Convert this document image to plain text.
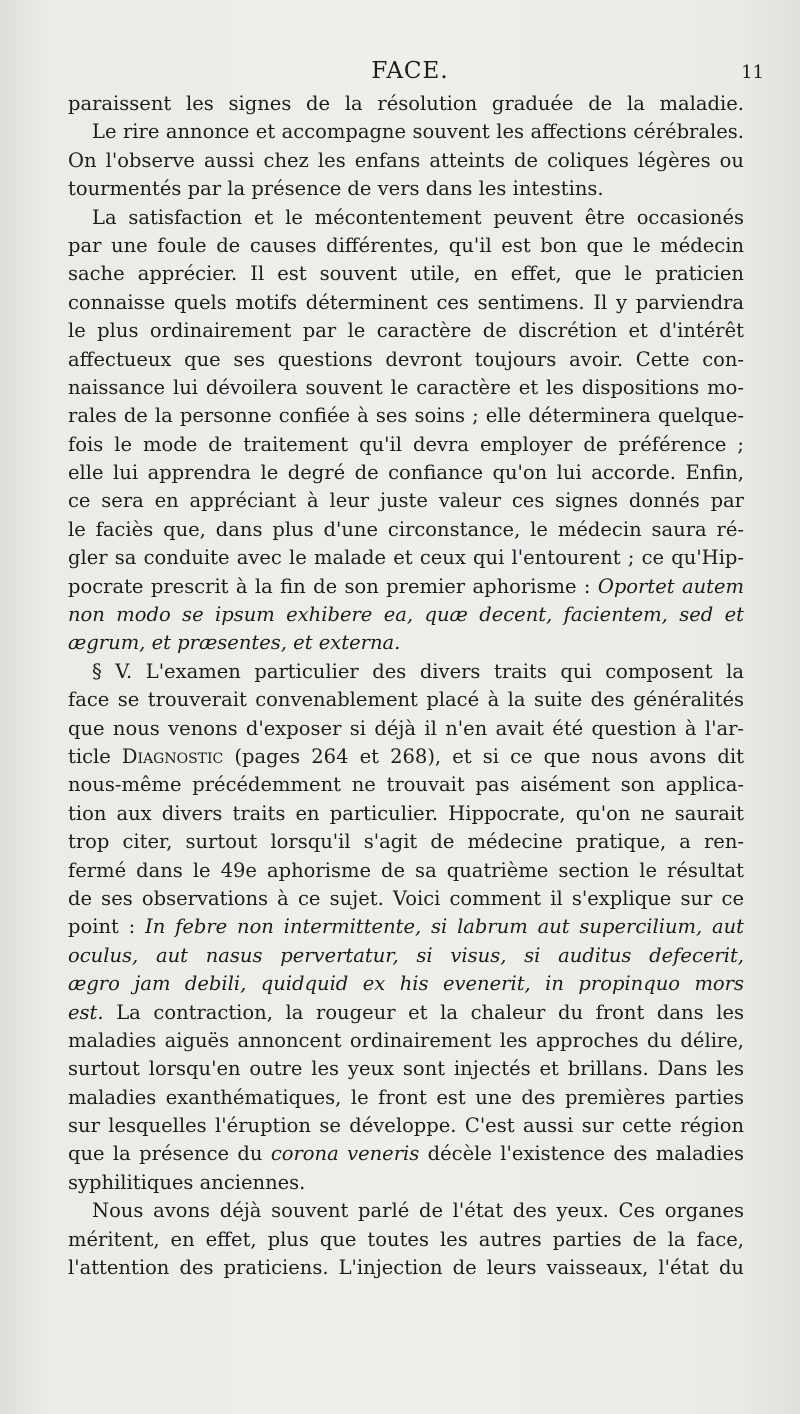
FACE.	11
paraissent les signes de la résolution graduée de la maladie.
Le rire annonce et accompagne souvent les affections cérébrales.
On l'observe aussi chez les enfans atteints de coliques légères ou
tourmentés par la présence de vers dans les intestins.
La satisfaction et le mécontentement peuvent être occasionés
par une foule de causes différentes, qu'il est bon que le médecin
sache apprécier. Il est souvent utile, en effet, que le praticien
connaisse quels motifs déterminent ces sentimens. Il y parviendra
le plus ordinairement par le caractère de discrétion et d'intérêt
affectueux que ses questions devront toujours avoir. Cette con-
naissance lui dévoilera souvent le caractère et les dispositions mo-
rales de la personne confiée à ses soins ; elle déterminera quelque-
fois le mode de traitement qu'il devra employer de préférence ;
elle lui apprendra le degré de confiance qu'on lui accorde. Enfin,
ce sera en appréciant à leur juste valeur ces signes donnés par
le faciès que, dans plus d'une circonstance, le médecin saura ré-
gler sa conduite avec le malade et ceux qui l'entourent ; ce qu'Hip-
pocrate prescrit à la fin de son premier aphorisme : Oportet autem
non modo se ipsum exhibere ea, quæ decent, facientem, sed et
ægrum, et præsentes, et externa.
§ V. L'examen particulier des divers traits qui composent la
face se trouverait convenablement placé à la suite des généralités
que nous venons d'exposer si déjà il n'en avait été question à l'ar-
ticle Diagnostic (pages 264 et 268), et si ce que nous avons dit
nous-même précédemment ne trouvait pas aisément son applica-
tion aux divers traits en particulier. Hippocrate, qu'on ne saurait
trop citer, surtout lorsqu'il s'agit de médecine pratique, a ren-
fermé dans le 49e aphorisme de sa quatrième section le résultat
de ses observations à ce sujet. Voici comment il s'explique sur ce
point : In febre non intermittente, si labrum aut supercilium, aut
oculus, aut nasus pervertatur, si visus, si auditus defecerit,
ægro jam debili, quidquid ex his evenerit, in propinquo mors
est. La contraction, la rougeur et la chaleur du front dans les
maladies aiguës annoncent ordinairement les approches du délire,
surtout lorsqu'en outre les yeux sont injectés et brillans. Dans les
maladies exanthématiques, le front est une des premières parties
sur lesquelles l'éruption se développe. C'est aussi sur cette région
que la présence du corona veneris décèle l'existence des maladies
syphilitiques anciennes.
Nous avons déjà souvent parlé de l'état des yeux. Ces organes
méritent, en effet, plus que toutes les autres parties de la face,
l'attention des praticiens. L'injection de leurs vaisseaux, l'état du
